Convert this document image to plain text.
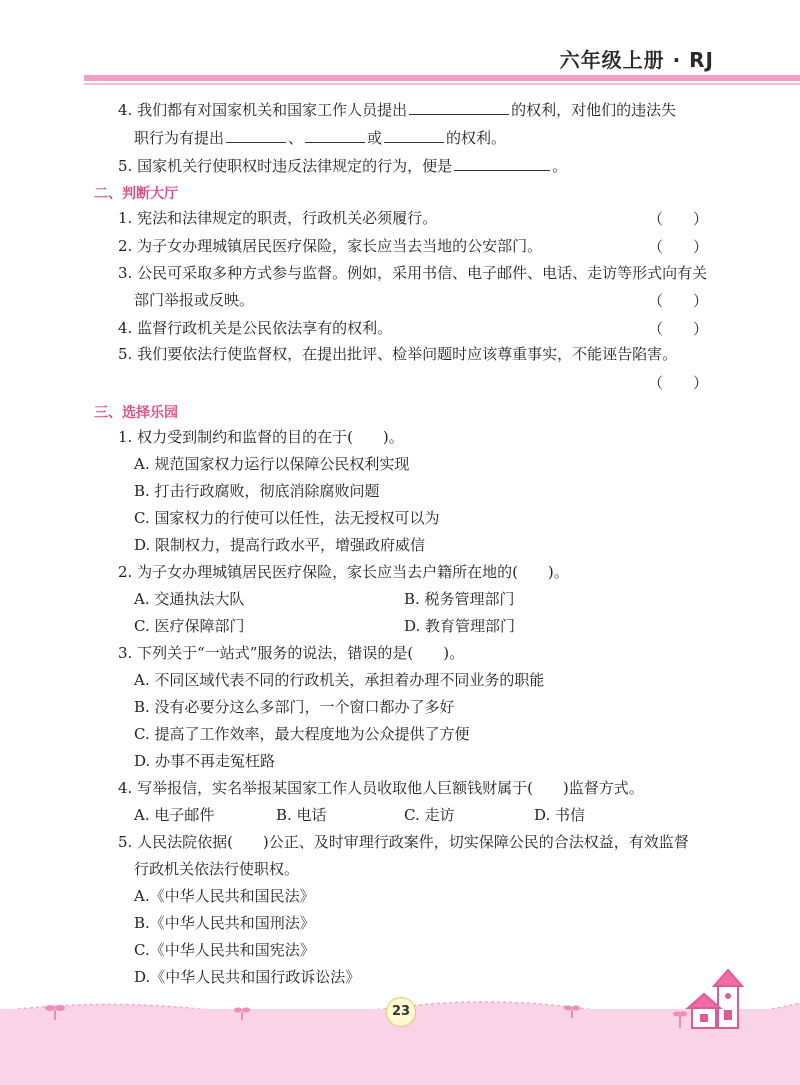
六年级上册 · RJ
4. 我们都有对国家机关和国家工作人员提出	的权利，对他们的违法失
职行为有提出	、	或	的权利。
5. 国家机关行使职权时违反法律规定的行为，便是	。
二、判断大厅
1. 宪法和法律规定的职责，行政机关必须履行。	（　　）
2. 为子女办理城镇居民医疗保险，家长应当去当地的公安部门。	（　　）
3. 公民可采取多种方式参与监督。例如，采用书信、电子邮件、电话、走访等形式向有关
部门举报或反映。	（　　）
4. 监督行政机关是公民依法享有的权利。	（　　）
5. 我们要依法行使监督权，在提出批评、检举问题时应该尊重事实，不能诬告陷害。
（　　）
三、选择乐园
1. 权力受到制约和监督的目的在于(　　)。
A. 规范国家权力运行以保障公民权利实现
B. 打击行政腐败，彻底消除腐败问题
C. 国家权力的行使可以任性，法无授权可以为
D. 限制权力，提高行政水平，增强政府威信
2. 为子女办理城镇居民医疗保险，家长应当去户籍所在地的(　　)。
A. 交通执法大队	B. 税务管理部门
C. 医疗保障部门	D. 教育管理部门
3. 下列关于“一站式”服务的说法，错误的是(　　)。
A. 不同区域代表不同的行政机关，承担着办理不同业务的职能
B. 没有必要分这么多部门，一个窗口都办了多好
C. 提高了工作效率，最大程度地为公众提供了方便
D. 办事不再走冤枉路
4. 写举报信，实名举报某国家工作人员收取他人巨额钱财属于(　　)监督方式。
A. 电子邮件	B. 电话	C. 走访	D. 书信
5. 人民法院依据(　　)公正、及时审理行政案件，切实保障公民的合法权益，有效监督
行政机关依法行使职权。
A.《中华人民共和国民法》
B.《中华人民共和国刑法》
C.《中华人民共和国宪法》
D.《中华人民共和国行政诉讼法》
23
